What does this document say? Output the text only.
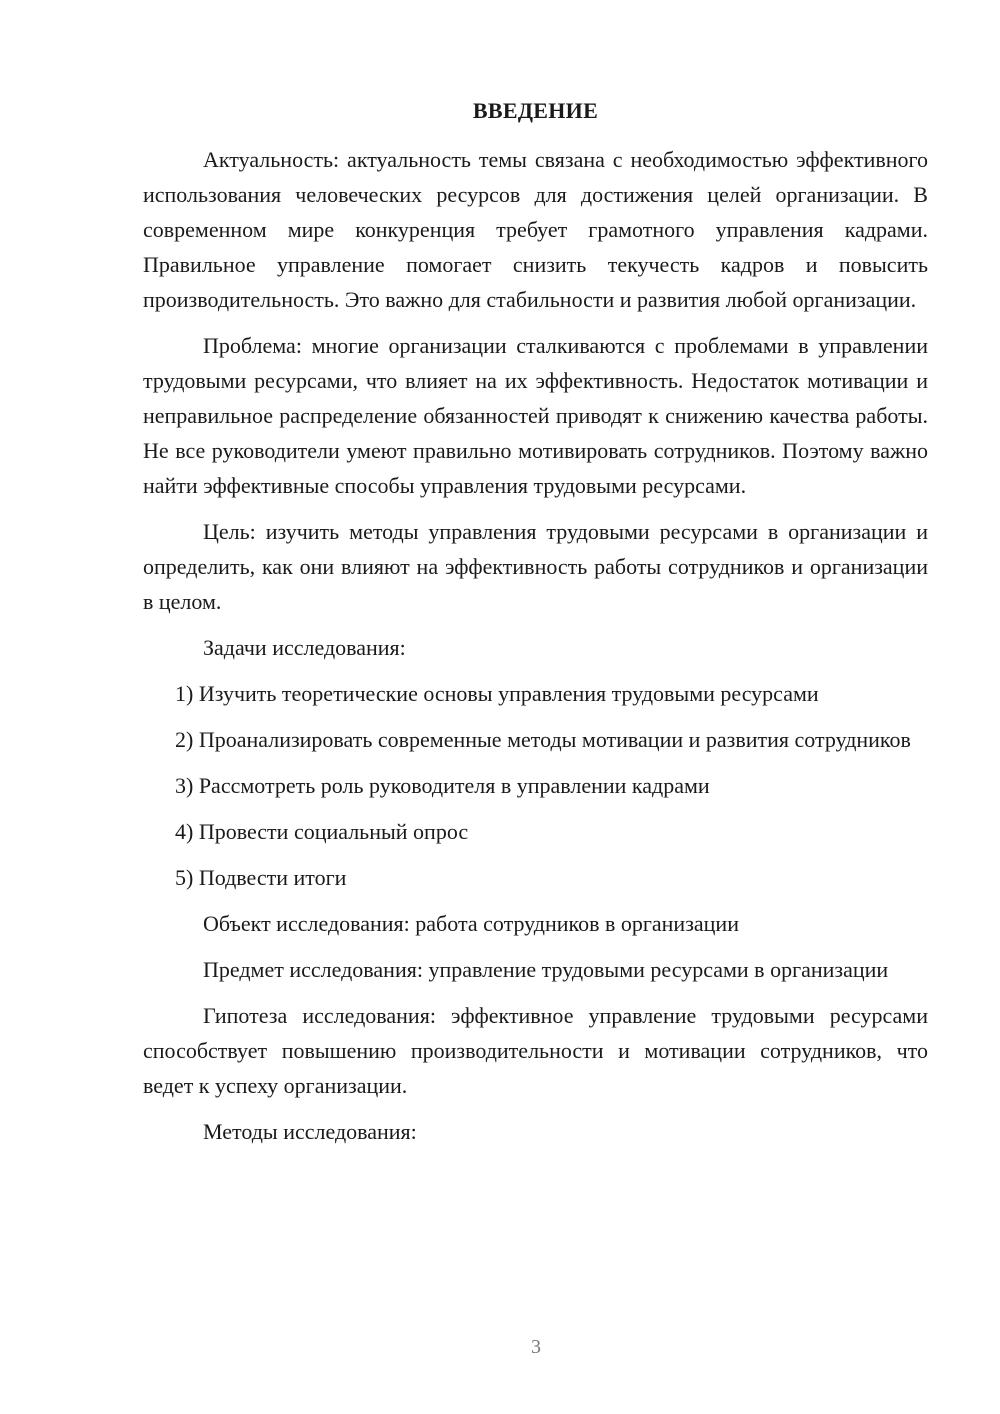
ВВЕДЕНИЕ

Актуальность: актуальность темы связана с необходимостью эффективного использования человеческих ресурсов для достижения целей организации. В современном мире конкуренция требует грамотного управления кадрами. Правильное управление помогает снизить текучесть кадров и повысить производительность. Это важно для стабильности и развития любой организации.

Проблема: многие организации сталкиваются с проблемами в управлении трудовыми ресурсами, что влияет на их эффективность. Недостаток мотивации и неправильное распределение обязанностей приводят к снижению качества работы. Не все руководители умеют правильно мотивировать сотрудников. Поэтому важно найти эффективные способы управления трудовыми ресурсами.

Цель: изучить методы управления трудовыми ресурсами в организации и определить, как они влияют на эффективность работы сотрудников и организации в целом.

Задачи исследования:

1) Изучить теоретические основы управления трудовыми ресурсами

2) Проанализировать современные методы мотивации и развития сотрудников

3) Рассмотреть роль руководителя в управлении кадрами

4) Провести социальный опрос

5) Подвести итоги

Объект исследования: работа сотрудников в организации

Предмет исследования: управление трудовыми ресурсами в организации

Гипотеза исследования: эффективное управление трудовыми ресурсами способствует повышению производительности и мотивации сотрудников, что ведет к успеху организации.

Методы исследования:

3
